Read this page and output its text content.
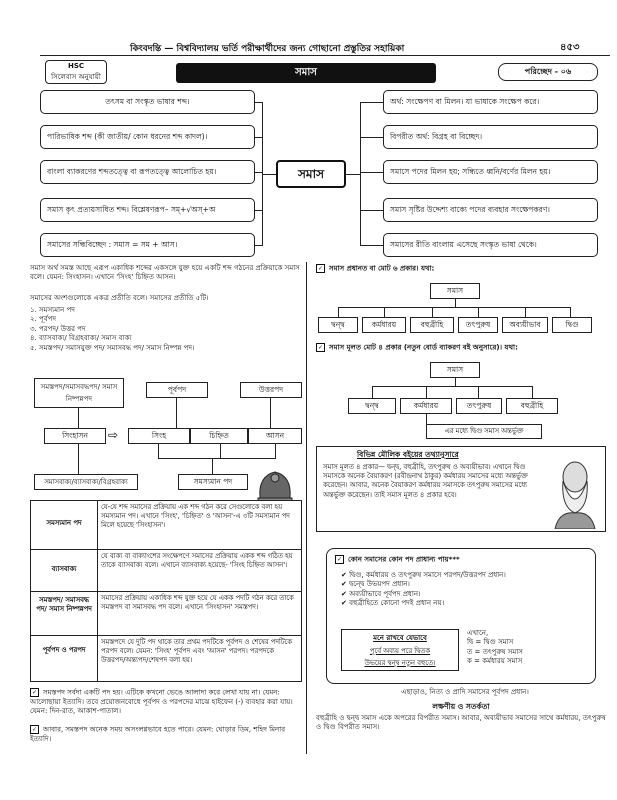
কিংবদন্তি — বিশ্ববিদ্যালয় ভর্তি পরীক্ষার্থীদের জন্য গোছানো প্রস্তুতির সহায়িকা	৪৫৩
HSC
সিলেবাস অনুযায়ী	সমাস	পরিচ্ছেদ - ০৬
তৎসম বা সংস্কৃত ভাষার শব্দ।
পারিভাষিক শব্দ (কী জাতীয়/ কোন ধরনের শব্দ কাদল)।
বাংলা ব্যাকরণের শব্দতত্ত্বে বা রূপতত্ত্বে আলোচিত হয়।
সমাস কৃৎ প্রত্যয়সাধিত শব্দ। বিশ্লেষণরূপ– সম্‌+√অস্‌+অ
সমাসের সন্ধিবিচ্ছেদ : সমাস = সম + আস।
সমাস
অর্থ: সংক্ষেপণ বা মিলন। যা ভাষাকে সংক্ষেপ করে।
বিপরীত অর্থ: বিগ্রহ বা বিচ্ছেদ।
সমাসে পদের মিলন হয়; সন্ধিতে ধ্বনি/বর্ণের মিলন হয়।
সমাস সৃষ্টির উদ্দেশ্য বাক্যে পদের ব্যবহার সংক্ষেপকরণ।
সমাসের রীতি বাংলায় এসেছে সংস্কৃত ভাষা থেকে।
সমাস অর্থ সমস্ত আছে এরূপ একাধিক শব্দের একসঙ্গে যুক্ত হয়ে একটি শব্দ গঠনের প্রক্রিয়াকে সমাস বলে। যেমন: সিংহাসন। এখানে 'সিংহ' চিহ্নিত আসন।
সমাসের অংশগুলোকে একত্র প্রতীতি বলে। সমাসের প্রতীতি ৫টি।
১. সমস্যমান পদ
২. পূর্বপদ
৩. পরপদ/ উত্তর পদ
৪. ব্যাসবাক্য/ বিগ্রহবাক্য/ সমাস বাক্য
৫. সমস্তপদ/ সমাসযুক্ত পদ/ সমাসবদ্ধ পদ/ সমাস নিষ্পন্ন পদ।
সমস্তপদ/সমাসবদ্ধপদ/ সমাস নিষ্পন্নপদ
পূর্বপদ	উত্তরপদ
সিংহাসন	⇨	সিংহ	চিহ্নিত	আসন
সমাসবাক্য/ব্যাসবাক্য/বিগ্রহবাক্য	সমস্যমান পদ
সমস্যমান পদ
যে-যে শব্দ সমাসের প্রক্রিয়ায় এক শব্দ গঠন করে সেগুলোকে বলা হয় সমস্যমান পদ। এখানে 'সিংহ', 'চিহ্নিত' ও 'আসন'-এ ৩টি সমস্যমান পদ মিলে হয়েছে 'সিংহাসন'।
ব্যাসবাক্য
যে বাক্য বা বাক্যাংশের সংক্ষেপণে সমাসের প্রক্রিয়ায় একক শব্দ গঠিত হয় তাকে ব্যাসবাক্য বলে। এখানে ব্যাসবাক্য হয়েছে- 'সিংহ চিহ্নিত আসন'।
সমস্তপদ/ সমাসবদ্ধ পদ/ সমাস নিষ্পন্নপদ
সমাসের প্রক্রিয়ায় একাধিক শব্দ যুক্ত হয়ে যে একক পদটি গঠন করে তাকে সমস্তপদ বা সমাসবদ্ধ পদ বলে। এখানে 'সিংহাসন' সমস্তপদ।
পূর্বপদ ও পরপদ
সমস্তপদে যে দুটি পদ থাকে তার প্রথম পদটিকে পূর্বপদ ও শেষের পদটিকে পরপদ বলে। যেমন: 'সিংহ' পূর্বপদ এবং 'আসন' পরপদ। পরপদকে উত্তরপদ/অন্ত্যপদ/শেষপদ বলা হয়।
✓ সমস্তপদ সর্বদা একটি পদ হয়। এটিকে কখনো ভেঙে আলাদা করে লেখা যায় না। যেমন: আলোছায়া ইত্যাদি। তবে প্রয়োজনবোধে পূর্বপদ ও পরপদের মাঝে হাইফেন (-) ব্যবহার করা যায়। যেমন: দিন-রাত, আকাশ-পাতাল।
✓ আবার, সমস্তপদ অনেক সময় অসংলগ্নভাবে হতে পারে। যেমন: ঘোড়ার ডিম, শহিদ মিনার ইত্যাদি।
✓ সমাস প্রধানত বা মোট ৬ প্রকার। যথা:
সমাস
দ্বন্দ্ব	কর্মধারয়	বহুব্রীহি	তৎপুরুষ	অব্যয়ীভাব	দ্বিগু
✓ সমাস মূলত মোট ৪ প্রকার (নতুন বোর্ড ব্যাকরণ বই অনুসারে)। যথা:
সমাস
দ্বন্দ্ব	কর্মধারয়	তৎপুরুষ	বহুব্রীহি
এর মধ্যে দ্বিগু সমাস অন্তর্ভুক্ত
বিভিন্ন মৌলিক বইয়ের তথ্যানুসারে
সমাস মূলত ৪ প্রকার— দ্বন্দ্ব, বহুব্রীহি, তৎপুরুষ ও অব্যয়ীভাব। এখানে দ্বিগু সমাসকে অনেক বৈয়াকরণ (রবীন্দ্রনাথ ঠাকুর) কর্মধারয় সমাসের মধ্যে অন্তর্ভুক্ত করেছেন। আবার, অনেক বৈয়াকরণ কর্মধারয় সমাসকে তৎপুরুষ সমাসের মধ্যে অন্তর্ভুক্ত করেছেন। তাই সমাস মূলত ৪ প্রকার হবে।
✓ কোন সমাসের কোন পদ প্রাধান্য পায়***
✔ দ্বিগু, কর্মধারয় ও তৎপুরুষ সমাসে পরপদ/উত্তরপদ প্রধান।
✔ দ্বন্দ্বে উভয়পদ প্রধান।
✔ অব্যয়ীভাবে পূর্বপদ প্রধান।
✔ বহুব্রীহিতে কোনো পদই প্রধান নয়।
মনে রাখবে যেভাবে
পূর্বে অব্যয় পরে দ্বিতক
উভয়ের দ্বন্দ্ব নতুন বহুতে।
এখানে,
দ্বি = দ্বিগু সমাস
ত = তৎপুরুষ সমাস
ক = কর্মধারয় সমাস
এছাড়াও, নিত্য ও প্রাদি সমাসের পূর্বপদ প্রধান।
লক্ষণীয় ও সতর্কতা
বহুব্রীহি ও দ্বন্দ্ব সমাস একে অপরের বিপরীত সমাস। আবার, অব্যয়ীভাব সমাসের সাথে কর্মধারয়, তৎপুরুষ ও দ্বিগু বিপরীত সমাস।
